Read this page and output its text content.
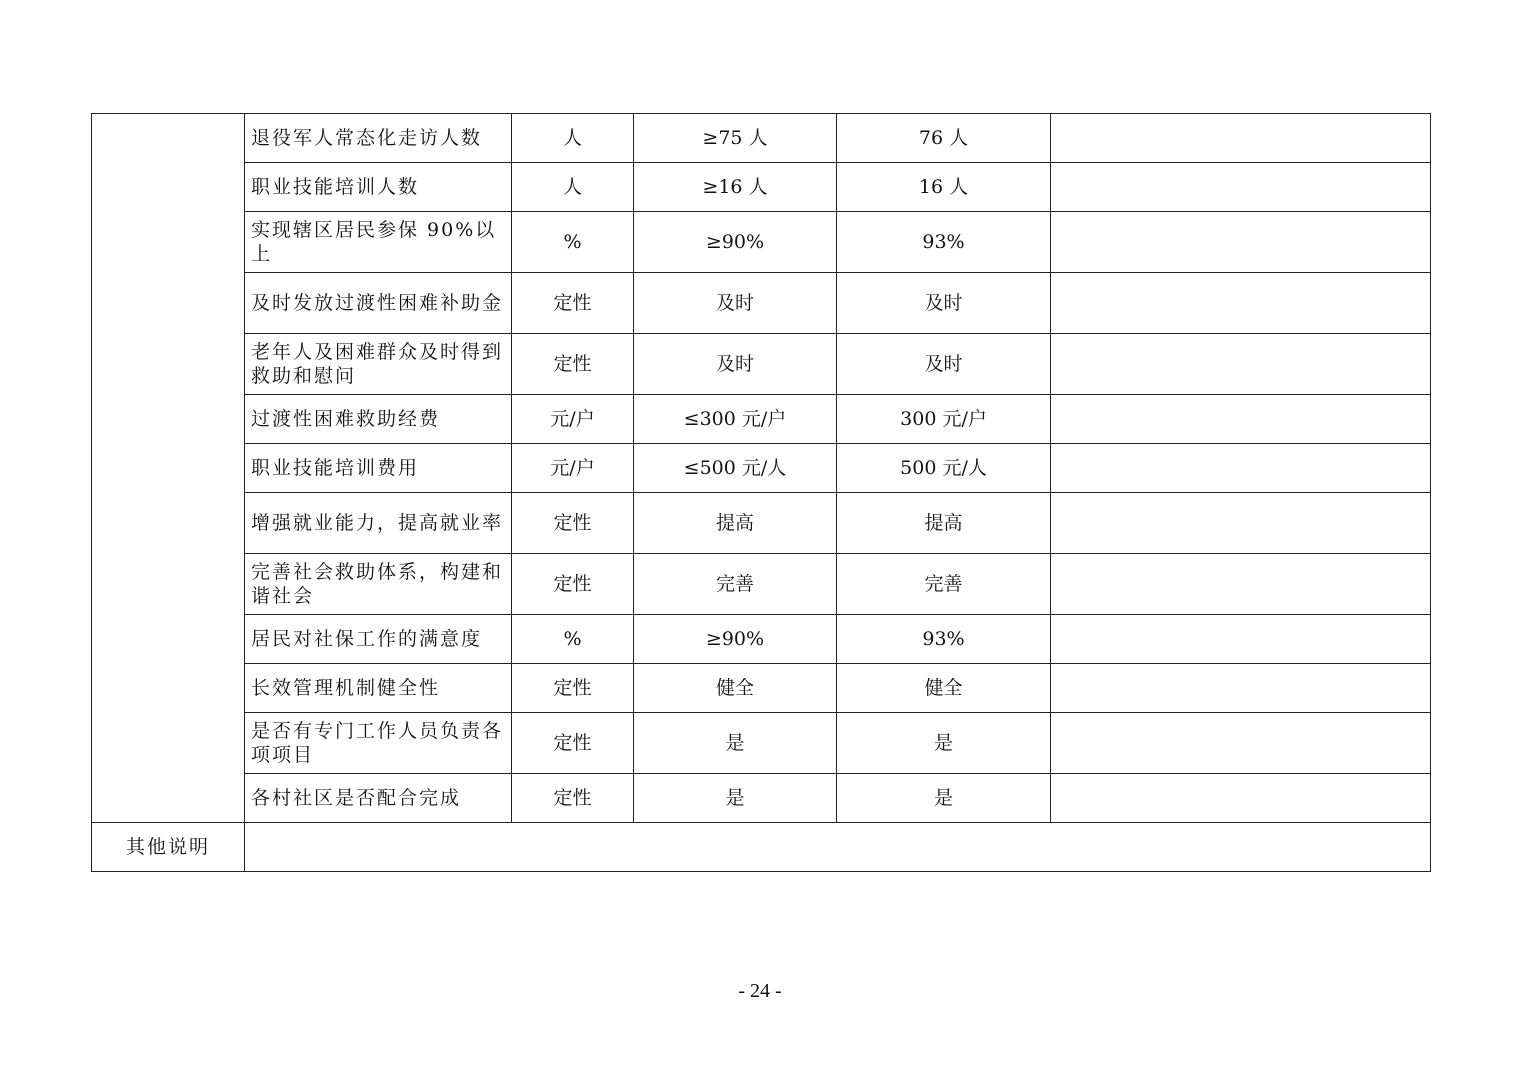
	退役军人常态化走访人数	人	≥75 人	76 人	
	职业技能培训人数	人	≥16 人	16 人	
	实现辖区居民参保 90%以上	%	≥90%	93%	
	及时发放过渡性困难补助金	定性	及时	及时	
	老年人及困难群众及时得到救助和慰问	定性	及时	及时	
	过渡性困难救助经费	元/户	≤300 元/户	300 元/户	
	职业技能培训费用	元/户	≤500 元/人	500 元/人	
	增强就业能力，提高就业率	定性	提高	提高	
	完善社会救助体系，构建和谐社会	定性	完善	完善	
	居民对社保工作的满意度	%	≥90%	93%	
	长效管理机制健全性	定性	健全	健全	
	是否有专门工作人员负责各项项目	定性	是	是	
	各村社区是否配合完成	定性	是	是	
其他说明					
- 24 -
